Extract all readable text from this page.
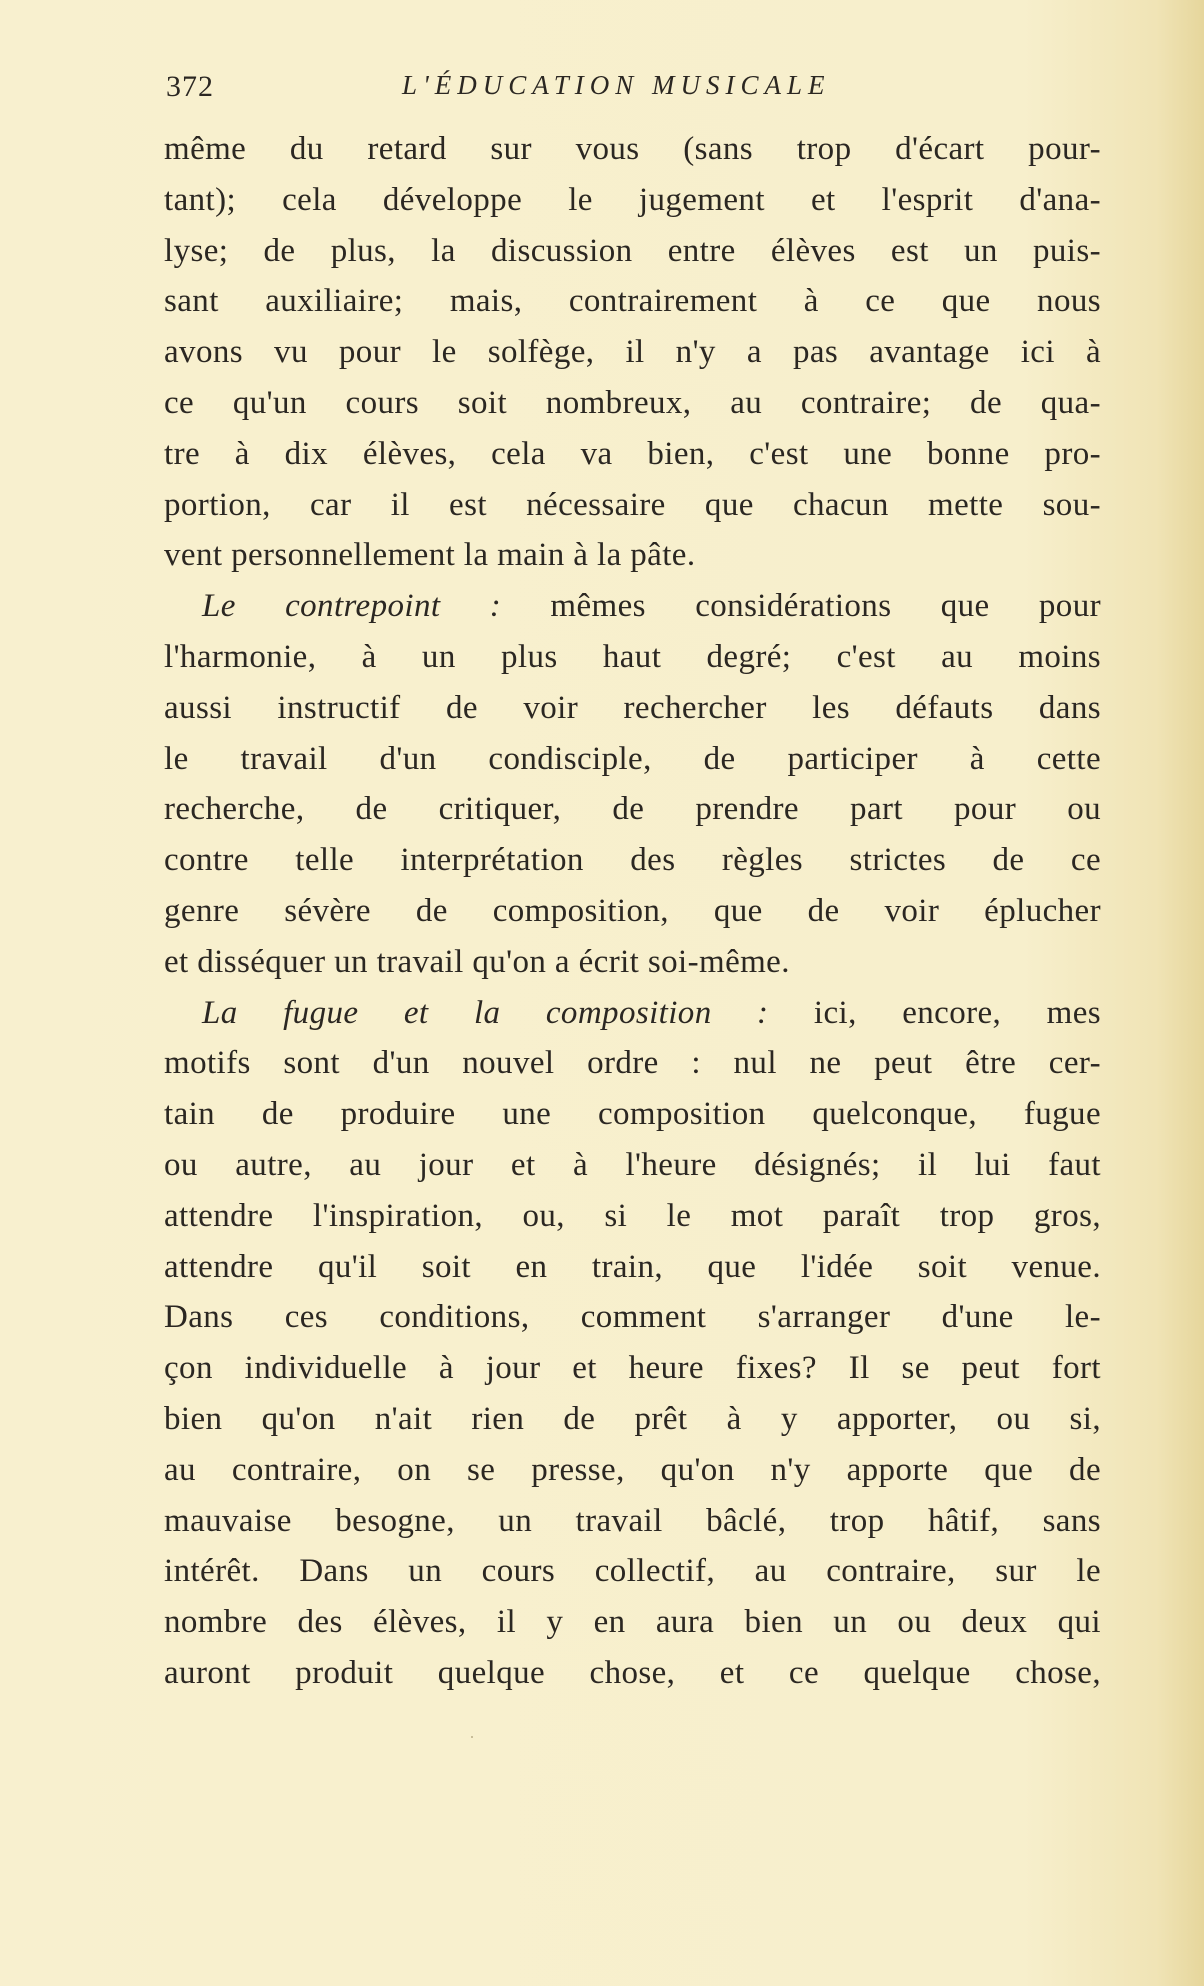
372	L'ÉDUCATION MUSICALE
même du retard sur vous (sans trop d'écart pour-
tant); cela développe le jugement et l'esprit d'ana-
lyse; de plus, la discussion entre élèves est un puis-
sant auxiliaire; mais, contrairement à ce que nous
avons vu pour le solfège, il n'y a pas avantage ici à
ce qu'un cours soit nombreux, au contraire; de qua-
tre à dix élèves, cela va bien, c'est une bonne pro-
portion, car il est nécessaire que chacun mette sou-
vent personnellement la main à la pâte.
Le contrepoint : mêmes considérations que pour
l'harmonie, à un plus haut degré; c'est au moins
aussi instructif de voir rechercher les défauts dans
le travail d'un condisciple, de participer à cette
recherche, de critiquer, de prendre part pour ou
contre telle interprétation des règles strictes de ce
genre sévère de composition, que de voir éplucher
et disséquer un travail qu'on a écrit soi-même.
La fugue et la composition : ici, encore, mes
motifs sont d'un nouvel ordre : nul ne peut être cer-
tain de produire une composition quelconque, fugue
ou autre, au jour et à l'heure désignés; il lui faut
attendre l'inspiration, ou, si le mot paraît trop gros,
attendre qu'il soit en train, que l'idée soit venue.
Dans ces conditions, comment s'arranger d'une le-
çon individuelle à jour et heure fixes? Il se peut fort
bien qu'on n'ait rien de prêt à y apporter, ou si,
au contraire, on se presse, qu'on n'y apporte que de
mauvaise besogne, un travail bâclé, trop hâtif, sans
intérêt. Dans un cours collectif, au contraire, sur le
nombre des élèves, il y en aura bien un ou deux qui
auront produit quelque chose, et ce quelque chose,
